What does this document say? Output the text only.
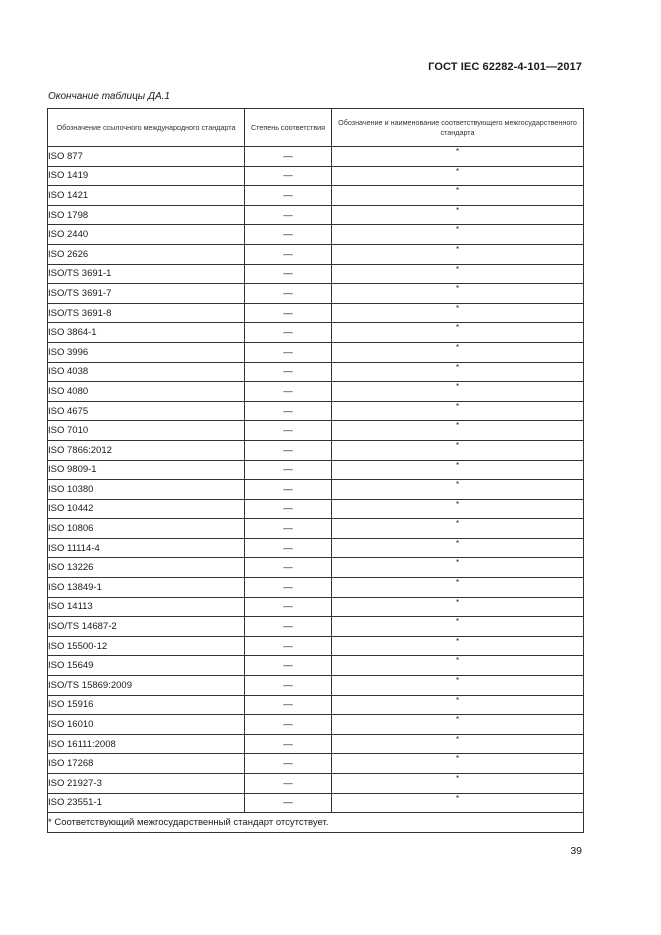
ГОСТ IEC 62282-4-101—2017
Окончание таблицы ДА.1
Обозначение ссылочного международного стандарта	Степень соответствия	Обозначение и наименование соответствующего межгосударственного стандарта
ISO 877	—	*
ISO 1419	—	*
ISO 1421	—	*
ISO 1798	—	*
ISO 2440	—	*
ISO 2626	—	*
ISO/TS 3691-1	—	*
ISO/TS 3691-7	—	*
ISO/TS 3691-8	—	*
ISO 3864-1	—	*
ISO 3996	—	*
ISO 4038	—	*
ISO 4080	—	*
ISO 4675	—	*
ISO 7010	—	*
ISO 7866:2012	—	*
ISO 9809-1	—	*
ISO 10380	—	*
ISO 10442	—	*
ISO 10806	—	*
ISO 11114-4	—	*
ISO 13226	—	*
ISO 13849-1	—	*
ISO 14113	—	*
ISO/TS 14687-2	—	*
ISO 15500-12	—	*
ISO 15649	—	*
ISO/TS 15869:2009	—	*
ISO 15916	—	*
ISO 16010	—	*
ISO 16111:2008	—	*
ISO 17268	—	*
ISO 21927-3	—	*
ISO 23551-1	—	*
* Соответствующий межгосударственный стандарт отсутствует.		
39
